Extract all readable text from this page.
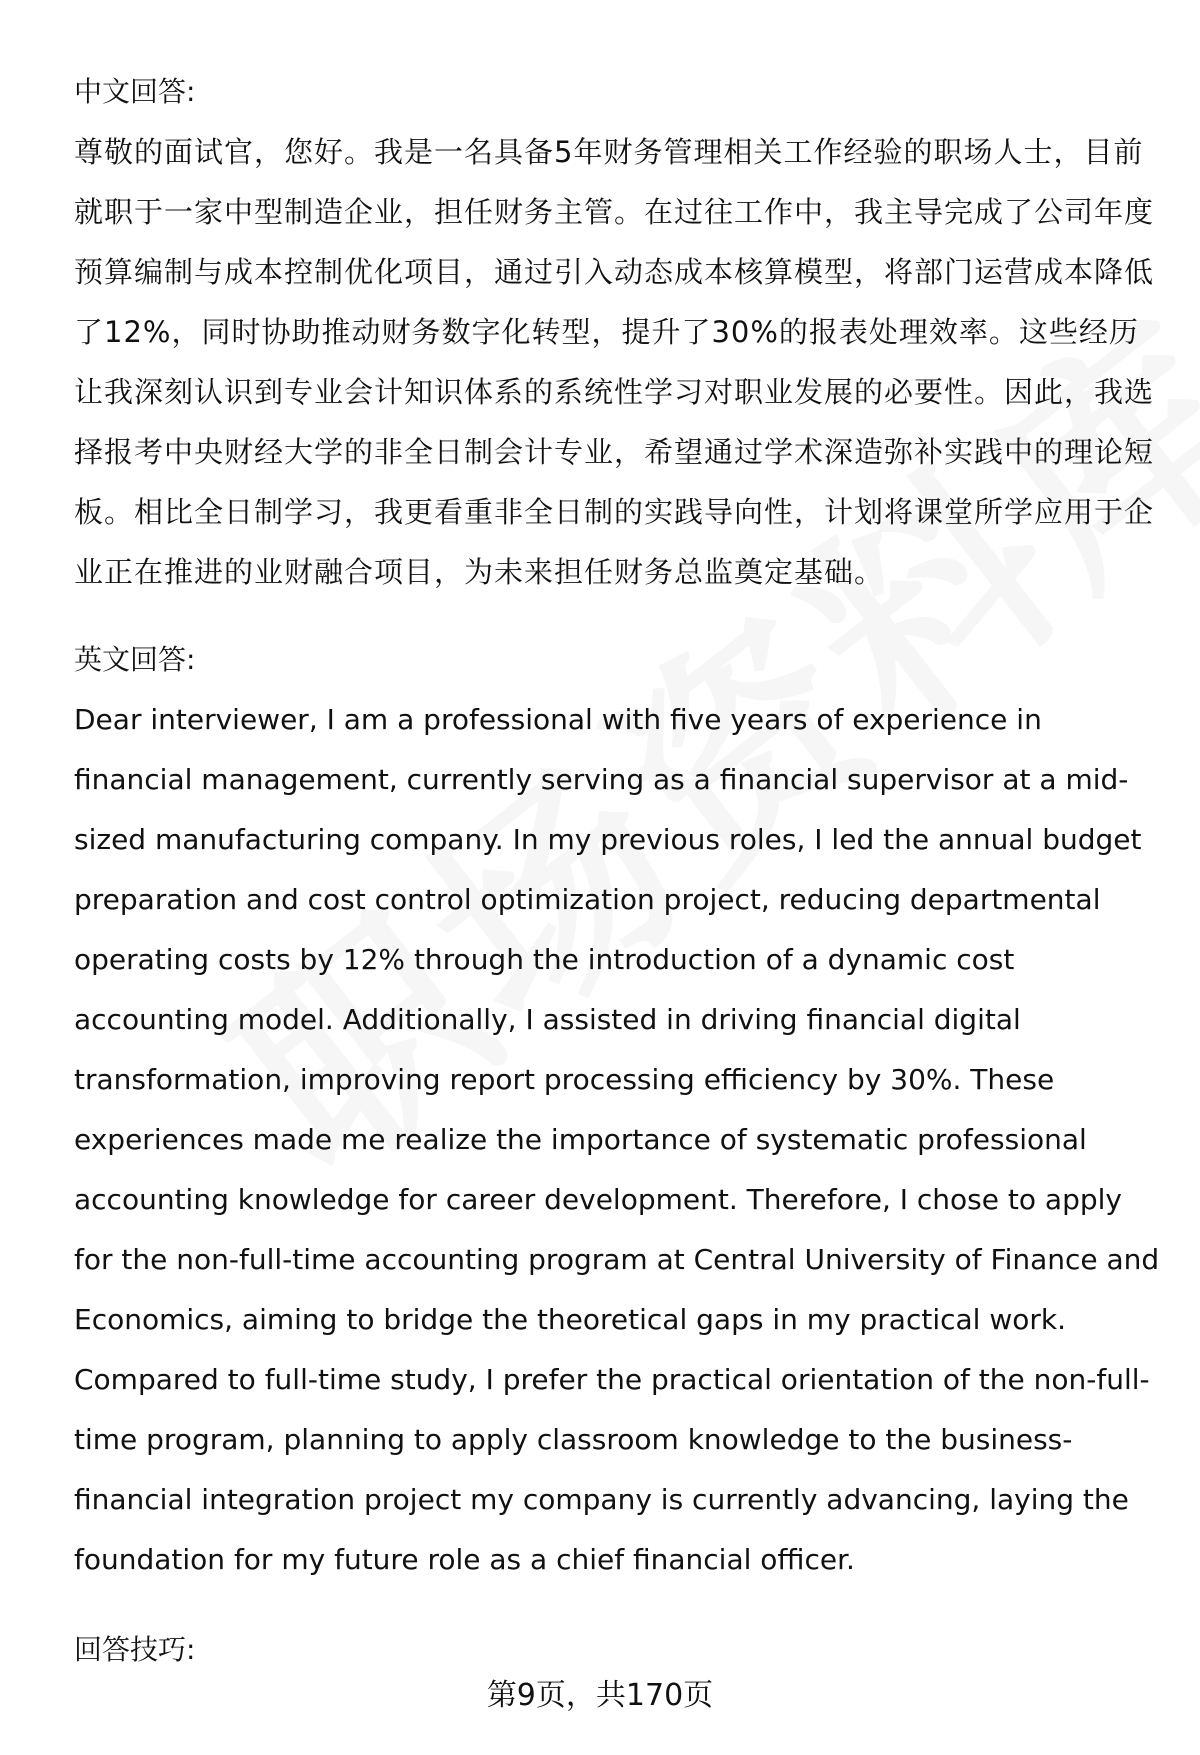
中文回答:

尊敬的面试官，您好。我是一名具备5年财务管理相关工作经验的职场人士，目前就职于一家中型制造企业，担任财务主管。在过往工作中，我主导完成了公司年度预算编制与成本控制优化项目，通过引入动态成本核算模型，将部门运营成本降低了12%，同时协助推动财务数字化转型，提升了30%的报表处理效率。这些经历让我深刻认识到专业会计知识体系的系统性学习对职业发展的必要性。因此，我选择报考中央财经大学的非全日制会计专业，希望通过学术深造弥补实践中的理论短板。相比全日制学习，我更看重非全日制的实践导向性，计划将课堂所学应用于企业正在推进的业财融合项目，为未来担任财务总监奠定基础。

英文回答:

Dear interviewer, I am a professional with five years of experience in financial management, currently serving as a financial supervisor at a mid-sized manufacturing company. In my previous roles, I led the annual budget preparation and cost control optimization project, reducing departmental operating costs by 12% through the introduction of a dynamic cost accounting model. Additionally, I assisted in driving financial digital transformation, improving report processing efficiency by 30%. These experiences made me realize the importance of systematic professional accounting knowledge for career development. Therefore, I chose to apply for the non-full-time accounting program at Central University of Finance and Economics, aiming to bridge the theoretical gaps in my practical work. Compared to full-time study, I prefer the practical orientation of the non-full-time program, planning to apply classroom knowledge to the business-financial integration project my company is currently advancing, laying the foundation for my future role as a chief financial officer.

回答技巧:
第9页，共170页
